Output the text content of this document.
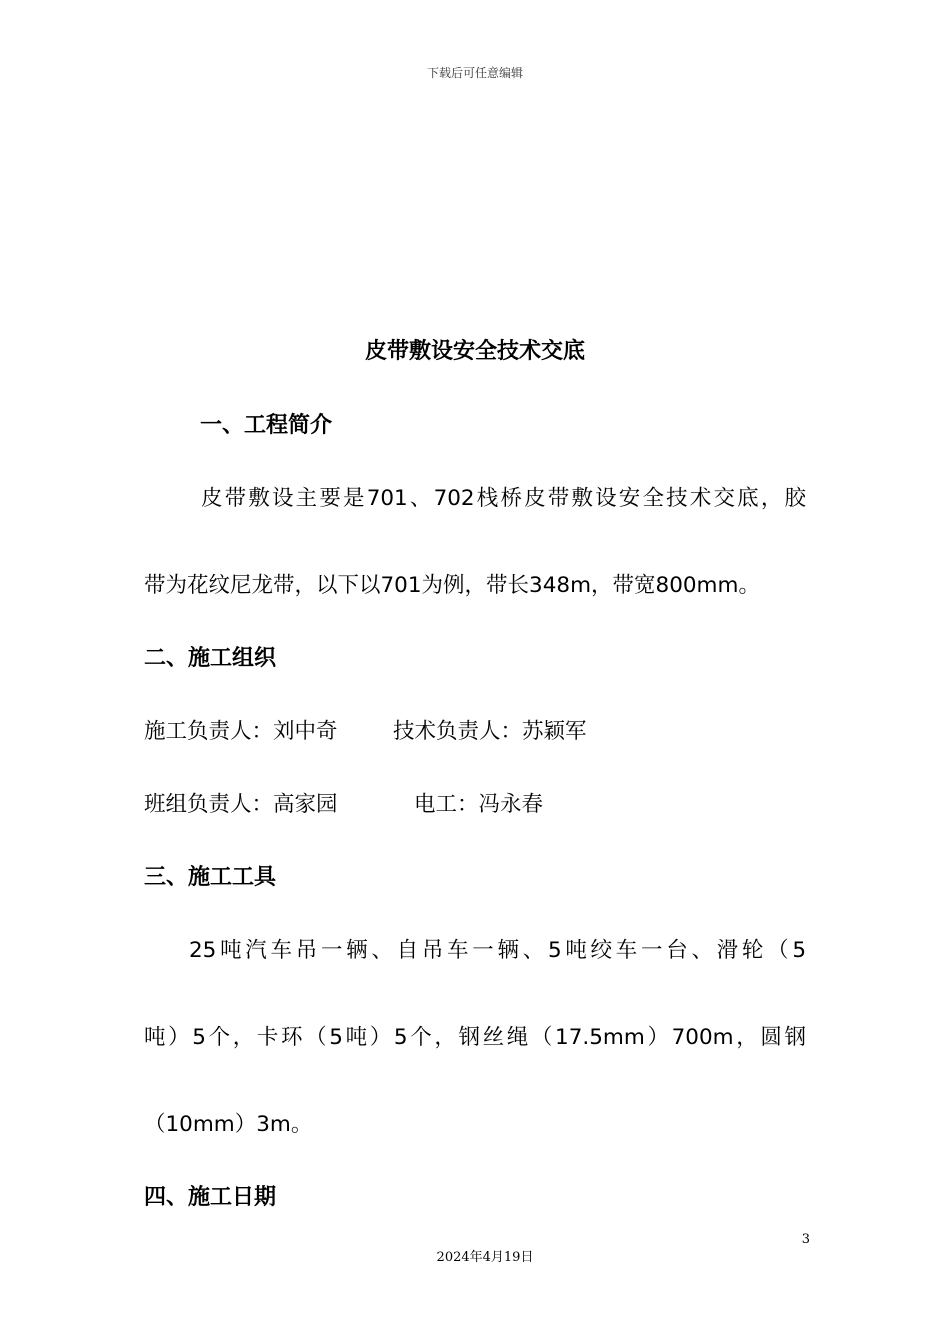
下载后可任意编辑
皮带敷设安全技术交底
一、工程简介
皮带敷设主要是701、702栈桥皮带敷设安全技术交底，胶
带为花纹尼龙带，以下以701为例，带长348m，带宽800mm。
二、施工组织
施工负责人：刘中奇	技术负责人：苏颖军
班组负责人：高家园	电工：冯永春
三、施工工具
25吨汽车吊一辆、自吊车一辆、5吨绞车一台、滑轮（5
吨）5个，卡环（5吨）5个，钢丝绳（17.5mm）700m，圆钢
（10mm）3m。
四、施工日期
3
2024年4月19日
